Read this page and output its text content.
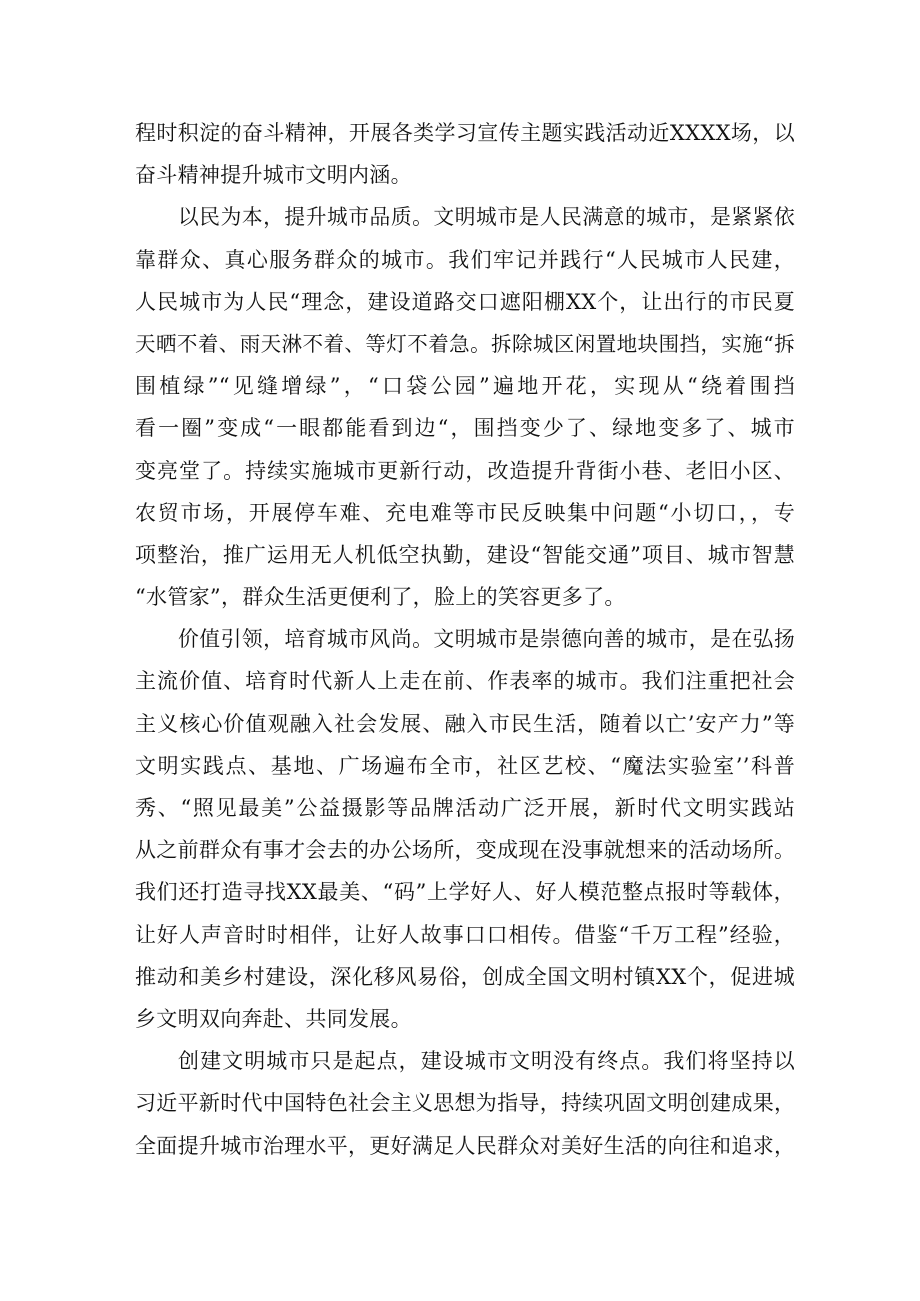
程时积淀的奋斗精神，开展各类学习宣传主题实践活动近XXXX场，以
奋斗精神提升城市文明内涵。
以民为本，提升城市品质。文明城市是人民满意的城市，是紧紧依
靠群众、真心服务群众的城市。我们牢记并践行“人民城市人民建，
人民城市为人民“理念，建设道路交口遮阳棚XX个，让出行的市民夏
天晒不着、雨天淋不着、等灯不着急。拆除城区闲置地块围挡，实施“拆
围植绿”“见缝增绿”，“口袋公园”遍地开花，实现从“绕着围挡
看一圈”变成“一眼都能看到边“，围挡变少了、绿地变多了、城市
变亮堂了。持续实施城市更新行动，改造提升背街小巷、老旧小区、
农贸市场，开展停车难、充电难等市民反映集中问题“小切口，，专
项整治，推广运用无人机低空执勤，建设“智能交通”项目、城市智慧
“水管家”，群众生活更便利了，脸上的笑容更多了。
价值引领，培育城市风尚。文明城市是崇德向善的城市，是在弘扬
主流价值、培育时代新人上走在前、作表率的城市。我们注重把社会
主义核心价值观融入社会发展、融入市民生活，随着以亡’安产力”等
文明实践点、基地、广场遍布全市，社区艺校、“魔法实验室’’科普
秀、“照见最美”公益摄影等品牌活动广泛开展，新时代文明实践站
从之前群众有事才会去的办公场所，变成现在没事就想来的活动场所。
我们还打造寻找XX最美、“码”上学好人、好人模范整点报时等载体，
让好人声音时时相伴，让好人故事口口相传。借鉴“千万工程”经验，
推动和美乡村建设，深化移风易俗，创成全国文明村镇XX个，促进城
乡文明双向奔赴、共同发展。
创建文明城市只是起点，建设城市文明没有终点。我们将坚持以
习近平新时代中国特色社会主义思想为指导，持续巩固文明创建成果，
全面提升城市治理水平，更好满足人民群众对美好生活的向往和追求，
